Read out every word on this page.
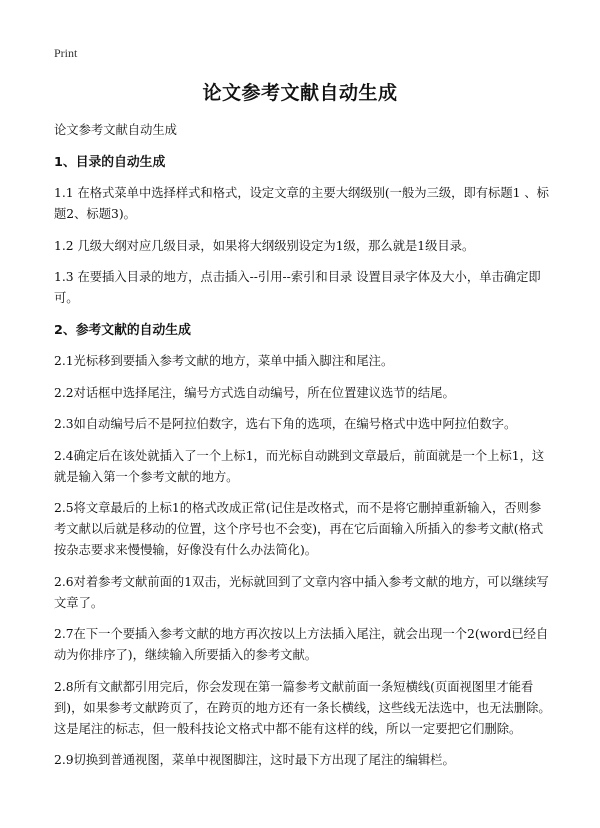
Print
论文参考文献自动生成

论文参考文献自动生成

1、目录的自动生成

1.1 在格式菜单中选择样式和格式，设定文章的主要大纲级别(一般为三级，即有标题1 、标题2、标题3)。

1.2 几级大纲对应几级目录，如果将大纲级别设定为1级，那么就是1级目录。

1.3 在要插入目录的地方，点击插入--引用--索引和目录 设置目录字体及大小，单击确定即可。

2、参考文献的自动生成

2.1光标移到要插入参考文献的地方，菜单中插入脚注和尾注。

2.2对话框中选择尾注，编号方式选自动编号，所在位置建议选节的结尾。

2.3如自动编号后不是阿拉伯数字，选右下角的选项，在编号格式中选中阿拉伯数字。

2.4确定后在该处就插入了一个上标1，而光标自动跳到文章最后，前面就是一个上标1，这就是输入第一个参考文献的地方。

2.5将文章最后的上标1的格式改成正常(记住是改格式，而不是将它删掉重新输入，否则参考文献以后就是移动的位置，这个序号也不会变)，再在它后面输入所插入的参考文献(格式按杂志要求来慢慢输，好像没有什么办法简化)。

2.6对着参考文献前面的1双击，光标就回到了文章内容中插入参考文献的地方，可以继续写文章了。

2.7在下一个要插入参考文献的地方再次按以上方法插入尾注，就会出现一个2(word已经自动为你排序了)，继续输入所要插入的参考文献。

2.8所有文献都引用完后，你会发现在第一篇参考文献前面一条短横线(页面视图里才能看到)，如果参考文献跨页了，在跨页的地方还有一条长横线，这些线无法选中，也无法删除。这是尾注的标志，但一般科技论文格式中都不能有这样的线，所以一定要把它们删除。

2.9切换到普通视图，菜单中视图脚注，这时最下方出现了尾注的编辑栏。
